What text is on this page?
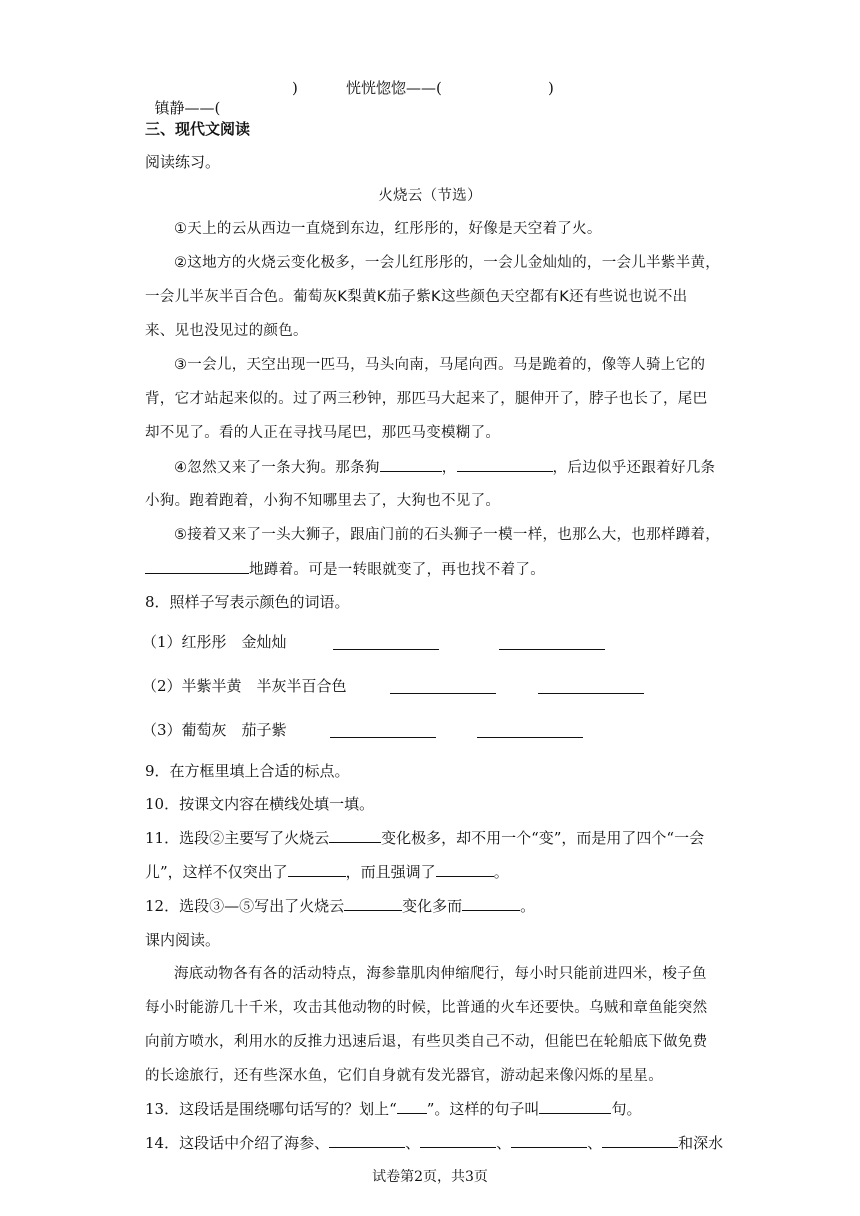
镇静——(

)	恍恍惚惚——(	)
三、现代文阅读
阅读练习。
火烧云（节选）
①天上的云从西边一直烧到东边，红彤彤的，好像是天空着了火。
②这地方的火烧云变化极多，一会儿红彤彤的，一会儿金灿灿的，一会儿半紫半黄，
一会儿半灰半百合色。葡萄灰K梨黄K茄子紫K这些颜色天空都有K还有些说也说不出
来、见也没见过的颜色。
③一会儿，天空出现一匹马，马头向南，马尾向西。马是跪着的，像等人骑上它的
背，它才站起来似的。过了两三秒钟，那匹马大起来了，腿伸开了，脖子也长了，尾巴
却不见了。看的人正在寻找马尾巴，那匹马变模糊了。
④忽然又来了一条大狗。那条狗	，	，后边似乎还跟着好几条
小狗。跑着跑着，小狗不知哪里去了，大狗也不见了。
⑤接着又来了一头大狮子，跟庙门前的石头狮子一模一样，也那么大，也那样蹲着，
地蹲着。可是一转眼就变了，再也找不着了。
8．照样子写表示颜色的词语。
（1）红彤彤　金灿灿
（2）半紫半黄　半灰半百合色
（3）葡萄灰　茄子紫
9．在方框里填上合适的标点。
10．按课文内容在横线处填一填。
11．选段②主要写了火烧云	变化极多，却不用一个“变”，而是用了四个“一会
儿”，这样不仅突出了	，而且强调了	。
12．选段③—⑤写出了火烧云	变化多而	。
课内阅读。
海底动物各有各的活动特点，海参靠肌肉伸缩爬行，每小时只能前进四米，梭子鱼
每小时能游几十千米，攻击其他动物的时候，比普通的火车还要快。乌贼和章鱼能突然
向前方喷水，利用水的反推力迅速后退，有些贝类自己不动，但能巴在轮船底下做免费
的长途旅行，还有些深水鱼，它们自身就有发光器官，游动起来像闪烁的星星。
13．这段话是围绕哪句话写的？划上“ ”。这样的句子叫	句。
14．这段话中介绍了海参、	、	、	、	和深水
试卷第2页，共3页
